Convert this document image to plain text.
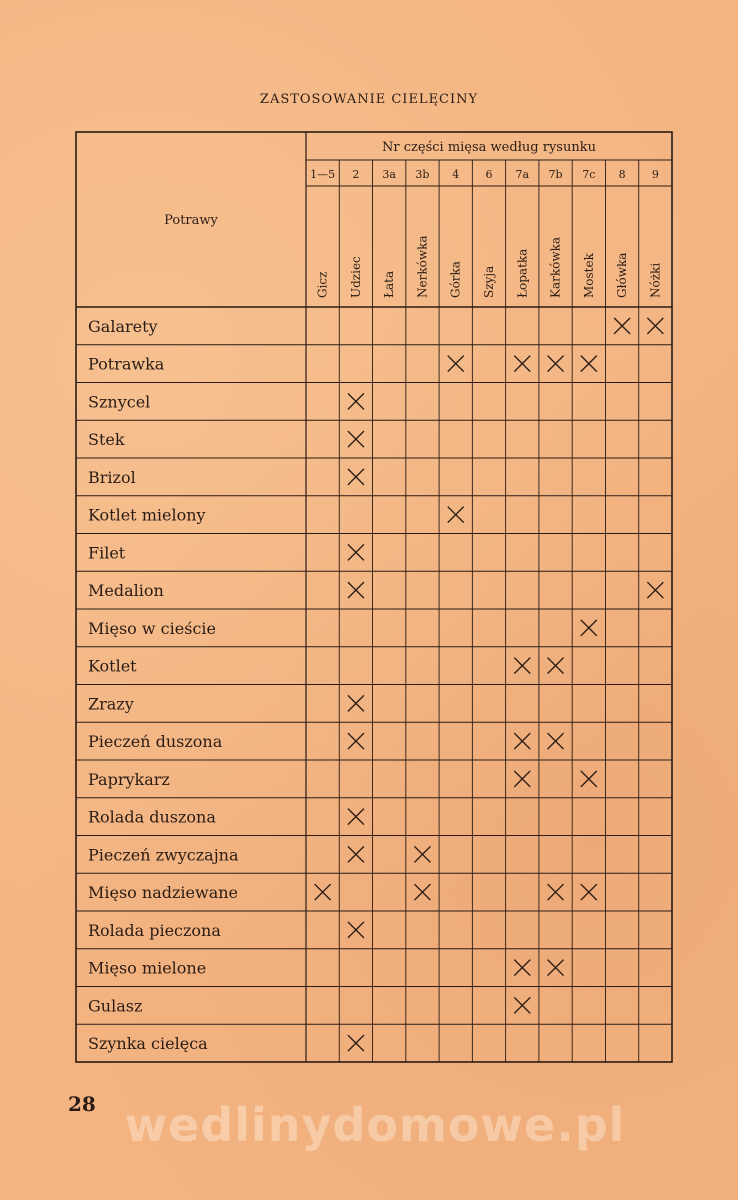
ZASTOSOWANIE CIELĘCINY
Potrawy
Nr części mięsa według rysunku
1—5
Gicz
2
Udziec
3a
Łata
3b
Nerkówka
4
Górka
6
Szyja
7a
Łopatka
7b
Karkówka
7c
Mostek
8
Główka
9
Nóżki
Galarety
Potrawka
Sznycel
Stek
Brizol
Kotlet mielony
Filet
Medalion
Mięso w cieście
Kotlet
Zrazy
Pieczeń duszona
Paprykarz
Rolada duszona
Pieczeń zwyczajna
Mięso nadziewane
Rolada pieczona
Mięso mielone
Gulasz
Szynka cielęca
28 wedlinydomowe.pl
